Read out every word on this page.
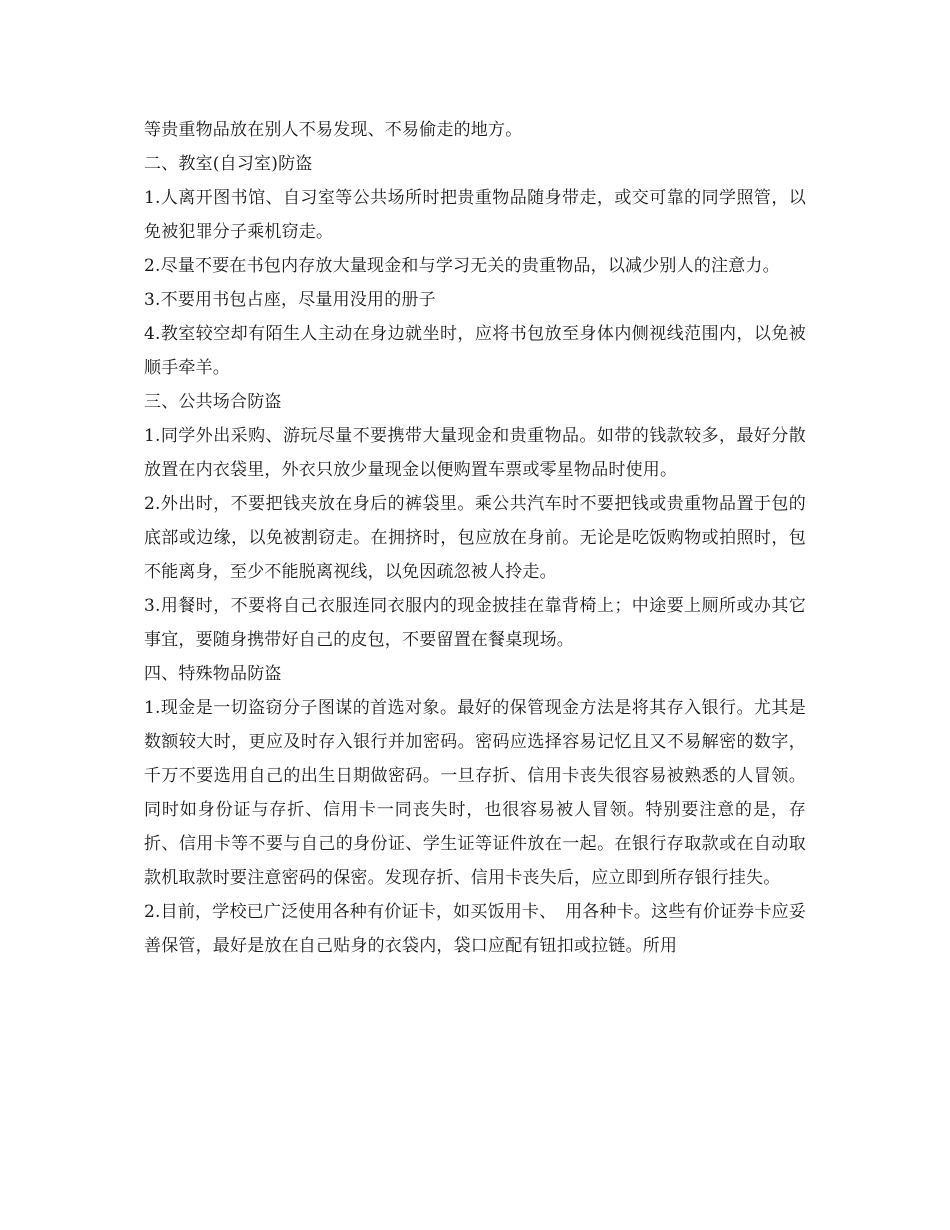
等贵重物品放在别人不易发现、不易偷走的地方。

二、教室(自习室)防盗

1.人离开图书馆、自习室等公共场所时把贵重物品随身带走，或交可靠的同学照管，以免被犯罪分子乘机窃走。

2.尽量不要在书包内存放大量现金和与学习无关的贵重物品，以减少别人的注意力。

3.不要用书包占座，尽量用没用的册子

4.教室较空却有陌生人主动在身边就坐时，应将书包放至身体内侧视线范围内，以免被顺手牵羊。

三、公共场合防盗

1.同学外出采购、游玩尽量不要携带大量现金和贵重物品。如带的钱款较多，最好分散放置在内衣袋里，外衣只放少量现金以便购置车票或零星物品时使用。

2.外出时，不要把钱夹放在身后的裤袋里。乘公共汽车时不要把钱或贵重物品置于包的底部或边缘，以免被割窃走。在拥挤时，包应放在身前。无论是吃饭购物或拍照时，包不能离身，至少不能脱离视线，以免因疏忽被人拎走。

3.用餐时，不要将自己衣服连同衣服内的现金披挂在靠背椅上；中途要上厕所或办其它事宜，要随身携带好自己的皮包，不要留置在餐桌现场。

四、特殊物品防盗

1.现金是一切盗窃分子图谋的首选对象。最好的保管现金方法是将其存入银行。尤其是数额较大时，更应及时存入银行并加密码。密码应选择容易记忆且又不易解密的数字，千万不要选用自己的出生日期做密码。一旦存折、信用卡丧失很容易被熟悉的人冒领。同时如身份证与存折、信用卡一同丧失时，也很容易被人冒领。特别要注意的是，存折、信用卡等不要与自己的身份证、学生证等证件放在一起。在银行存取款或在自动取款机取款时要注意密码的保密。发现存折、信用卡丧失后，应立即到所存银行挂失。

2.目前，学校已广泛使用各种有价证卡，如买饭用卡、　用各种卡。这些有价证券卡应妥善保管，最好是放在自己贴身的衣袋内，袋口应配有钮扣或拉链。所用
